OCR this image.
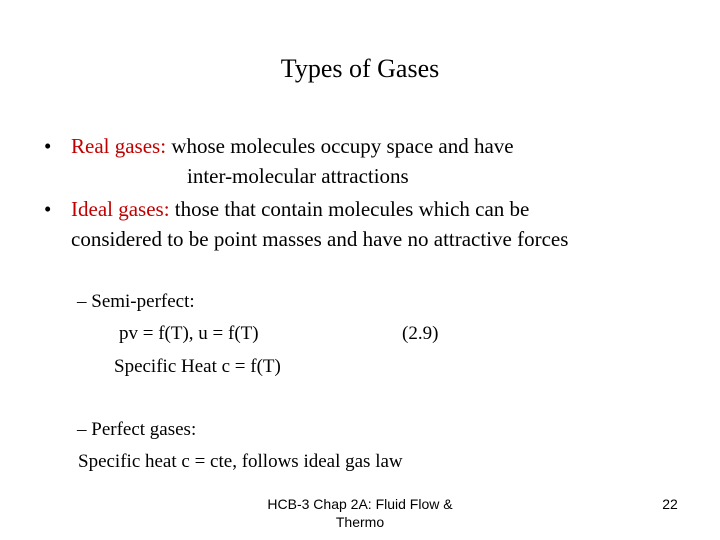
Types of Gases
• Real gases: whose molecules occupy space and have
inter-molecular attractions
• Ideal gases: those that contain molecules which can be
considered to be point masses and have no attractive forces
– Semi-perfect:
pv = f(T), u = f(T)	(2.9)
Specific Heat c = f(T)
– Perfect gases:
Specific heat c = cte, follows ideal gas law
HCB-3 Chap 2A: Fluid Flow &
Thermo
22
